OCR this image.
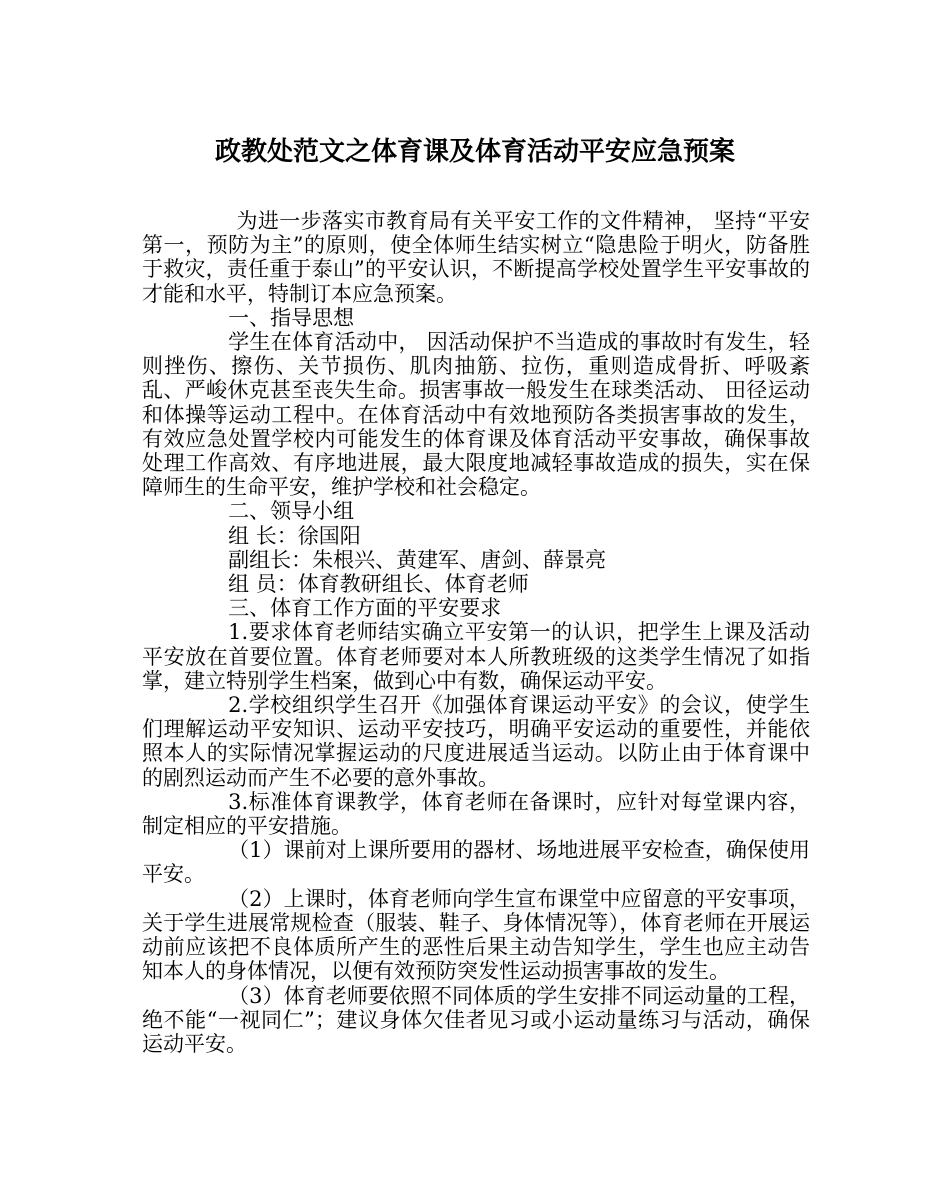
政教处范文之体育课及体育活动平安应急预案

为进一步落实市教育局有关平安工作的文件精神， 坚持“平安第一，预防为主”的原则，使全体师生结实树立“隐患险于明火，防备胜于救灾，责任重于泰山”的平安认识，不断提高学校处置学生平安事故的才能和水平，特制订本应急预案。

一、指导思想

学生在体育活动中， 因活动保护不当造成的事故时有发生，轻则挫伤、擦伤、关节损伤、肌肉抽筋、拉伤，重则造成骨折、呼吸紊乱、严峻休克甚至丧失生命。损害事故一般发生在球类活动、 田径运动和体操等运动工程中。在体育活动中有效地预防各类损害事故的发生，有效应急处置学校内可能发生的体育课及体育活动平安事故，确保事故处理工作高效、有序地进展，最大限度地减轻事故造成的损失，实在保障师生的生命平安，维护学校和社会稳定。

二、领导小组

组 长：徐国阳

副组长：朱根兴、黄建军、唐剑、薛景亮

组 员：体育教研组长、体育老师

三、体育工作方面的平安要求

1.要求体育老师结实确立平安第一的认识，把学生上课及活动平安放在首要位置。体育老师要对本人所教班级的这类学生情况了如指掌，建立特别学生档案，做到心中有数，确保运动平安。

2.学校组织学生召开《加强体育课运动平安》的会议，使学生们理解运动平安知识、运动平安技巧，明确平安运动的重要性，并能依照本人的实际情况掌握运动的尺度进展适当运动。以防止由于体育课中的剧烈运动而产生不必要的意外事故。

3.标准体育课教学，体育老师在备课时，应针对每堂课内容，制定相应的平安措施。

（1）课前对上课所要用的器材、场地进展平安检查，确保使用平安。

（2）上课时，体育老师向学生宣布课堂中应留意的平安事项，关于学生进展常规检查（服装、鞋子、身体情况等），体育老师在开展运动前应该把不良体质所产生的恶性后果主动告知学生，学生也应主动告知本人的身体情况，以便有效预防突发性运动损害事故的发生。

（3）体育老师要依照不同体质的学生安排不同运动量的工程，绝不能“一视同仁”；建议身体欠佳者见习或小运动量练习与活动，确保运动平安。
